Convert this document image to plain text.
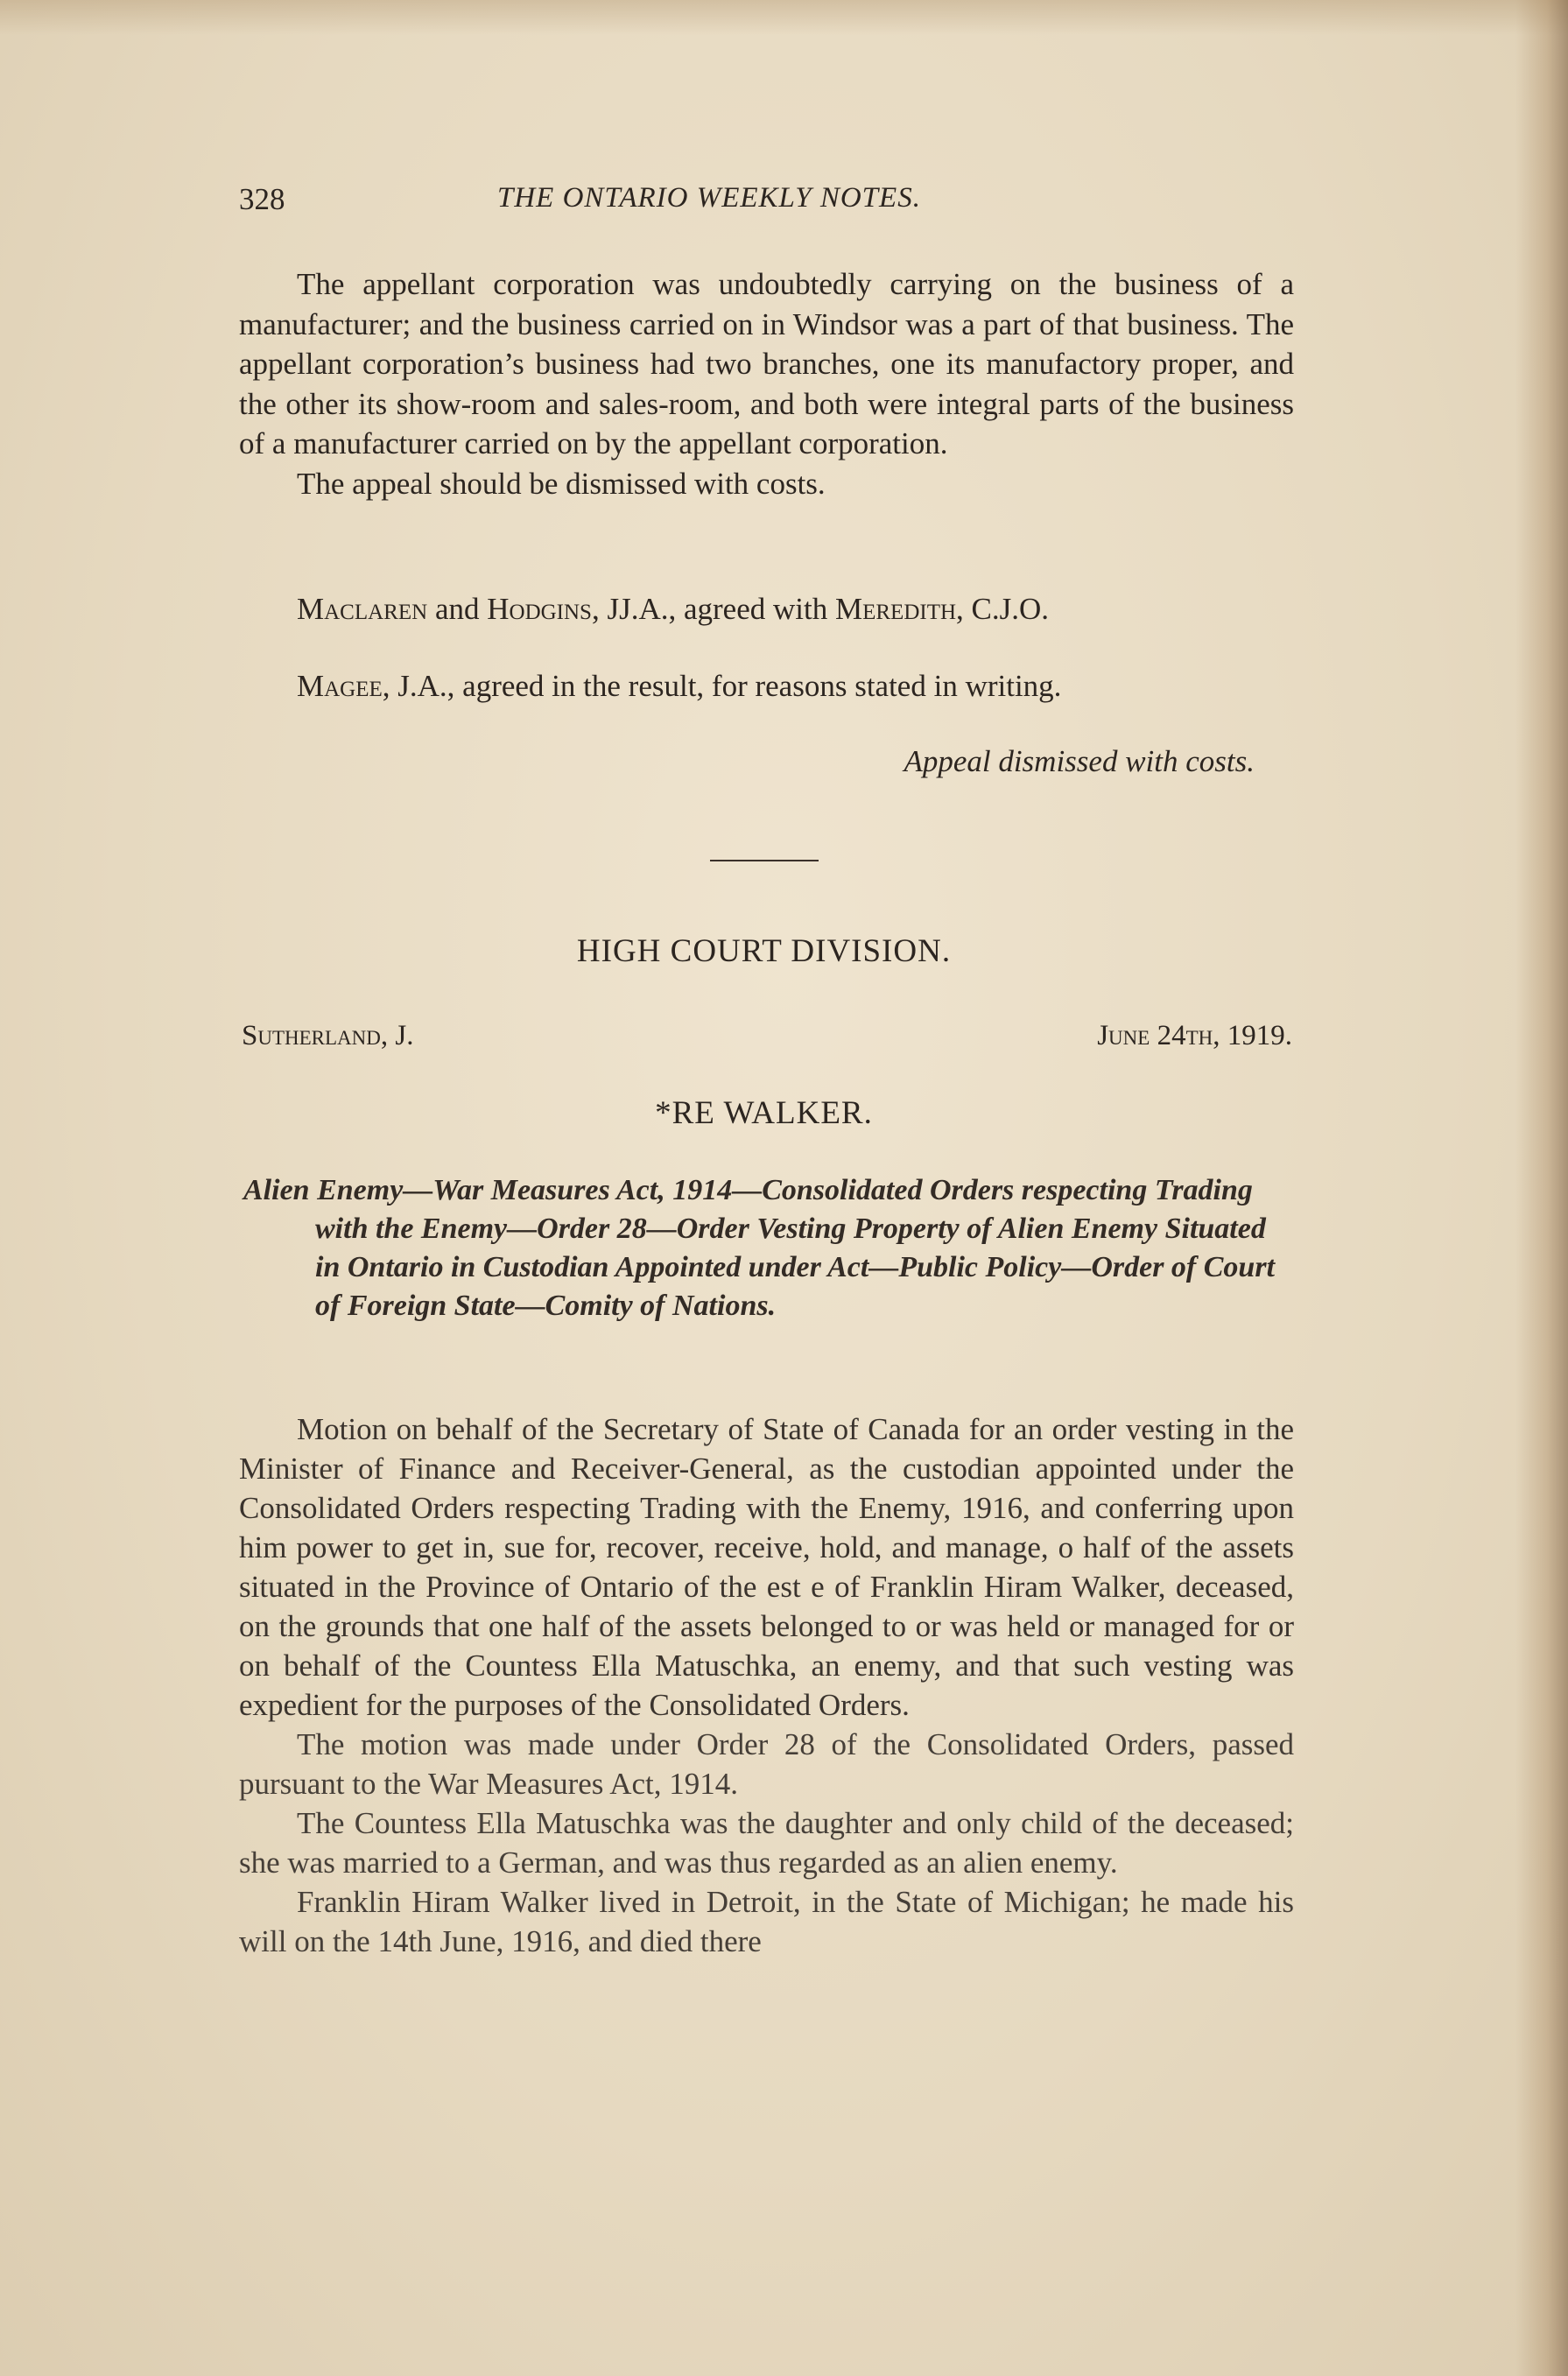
328	THE ONTARIO WEEKLY NOTES.

The appellant corporation was undoubtedly carrying on the business of a manufacturer; and the business carried on in Windsor was a part of that business. The appellant corporation’s business had two branches, one its manufactory proper, and the other its show-room and sales-room, and both were integral parts of the business of a manufacturer carried on by the appellant corporation.

The appeal should be dismissed with costs.

Maclaren and Hodgins, JJ.A., agreed with Meredith, C.J.O.
Magee, J.A., agreed in the result, for reasons stated in writing.
Appeal dismissed with costs.
HIGH COURT DIVISION.
Sutherland, J.	June 24th, 1919.
*RE WALKER.
Alien Enemy—War Measures Act, 1914—Consolidated Orders respecting Trading with the Enemy—Order 28—Order Vesting Property of Alien Enemy Situated in Ontario in Custodian Appointed under Act—Public Policy—Order of Court of Foreign State—Comity of Nations.

Motion on behalf of the Secretary of State of Canada for an order vesting in the Minister of Finance and Receiver-General, as the custodian appointed under the Consolidated Orders respecting Trading with the Enemy, 1916, and conferring upon him power to get in, sue for, recover, receive, hold, and manage, o half of the assets situated in the Province of Ontario of the est e of Franklin Hiram Walker, deceased, on the grounds that one half of the assets belonged to or was held or managed for or on behalf of the Countess Ella Matuschka, an enemy, and that such vesting was expedient for the purposes of the Consolidated Orders.

The motion was made under Order 28 of the Consolidated Orders, passed pursuant to the War Measures Act, 1914.

The Countess Ella Matuschka was the daughter and only child of the deceased; she was married to a German, and was thus regarded as an alien enemy.

Franklin Hiram Walker lived in Detroit, in the State of Michigan; he made his will on the 14th June, 1916, and died there
